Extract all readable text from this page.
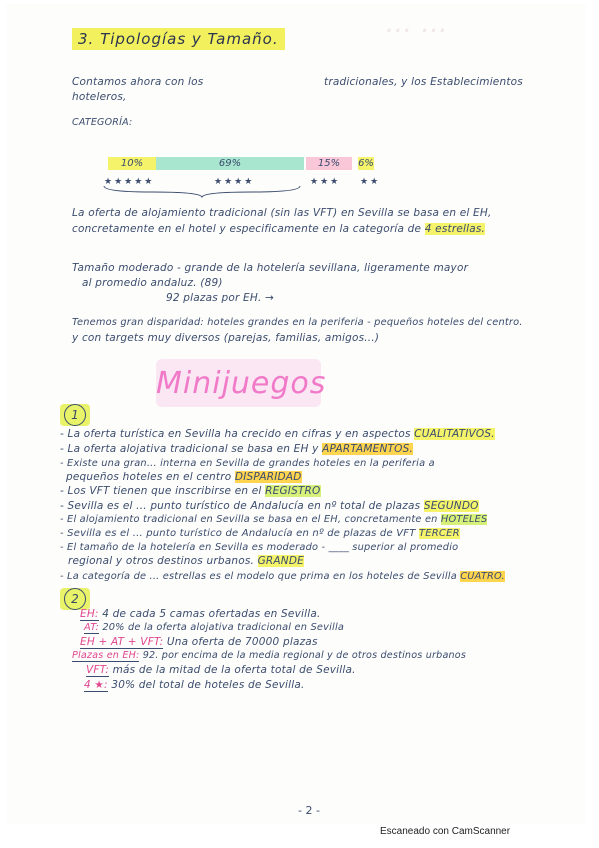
··· ···
3. Tipologías y Tamaño.
Contamos ahora con los	tradicionales, y los Establecimientos
hoteleros,
CATEGORÍA:
10%	69%	15%	6%
★★★★★	★★★★	★★★ ★★
La oferta de alojamiento tradicional (sin las VFT) en Sevilla se basa en el EH,
concretamente en el hotel y especificamente en la categoría de 4 estrellas.
Tamaño moderado - grande de la hotelería sevillana, ligeramente mayor
al promedio andaluz. (89)
92 plazas por EH. →
Tenemos gran disparidad: hoteles grandes en la periferia - pequeños hoteles del centro.
y con targets muy diversos (parejas, familias, amigos...)
Minijuegos
1
- La oferta turística en Sevilla ha crecido en cifras y en aspectos CUALITATIVOS.
- La oferta alojativa tradicional se basa en EH y APARTAMENTOS.
- Existe una gran... interna en Sevilla de grandes hoteles en la periferia a
pequeños hoteles en el centro DISPARIDAD
- Los VFT tienen que inscribirse en el REGISTRO
- Sevilla es el ... punto turístico de Andalucía en nº total de plazas SEGUNDO
- El alojamiento tradicional en Sevilla se basa en el EH, concretamente en HOTELES
- Sevilla es el ... punto turístico de Andalucía en nº de plazas de VFT TERCER
- El tamaño de la hotelería en Sevilla es moderado - ____ superior al promedio
regional y otros destinos urbanos. GRANDE
- La categoría de ... estrellas es el modelo que prima en los hoteles de Sevilla CUATRO.
2
EH: 4 de cada 5 camas ofertadas en Sevilla.
AT: 20% de la oferta alojativa tradicional en Sevilla
EH + AT + VFT: Una oferta de 70000 plazas
Plazas en EH: 92. por encima de la media regional y de otros destinos urbanos
VFT: más de la mitad de la oferta total de Sevilla.
4 ★: 30% del total de hoteles de Sevilla.
- 2 -
Escaneado con CamScanner
